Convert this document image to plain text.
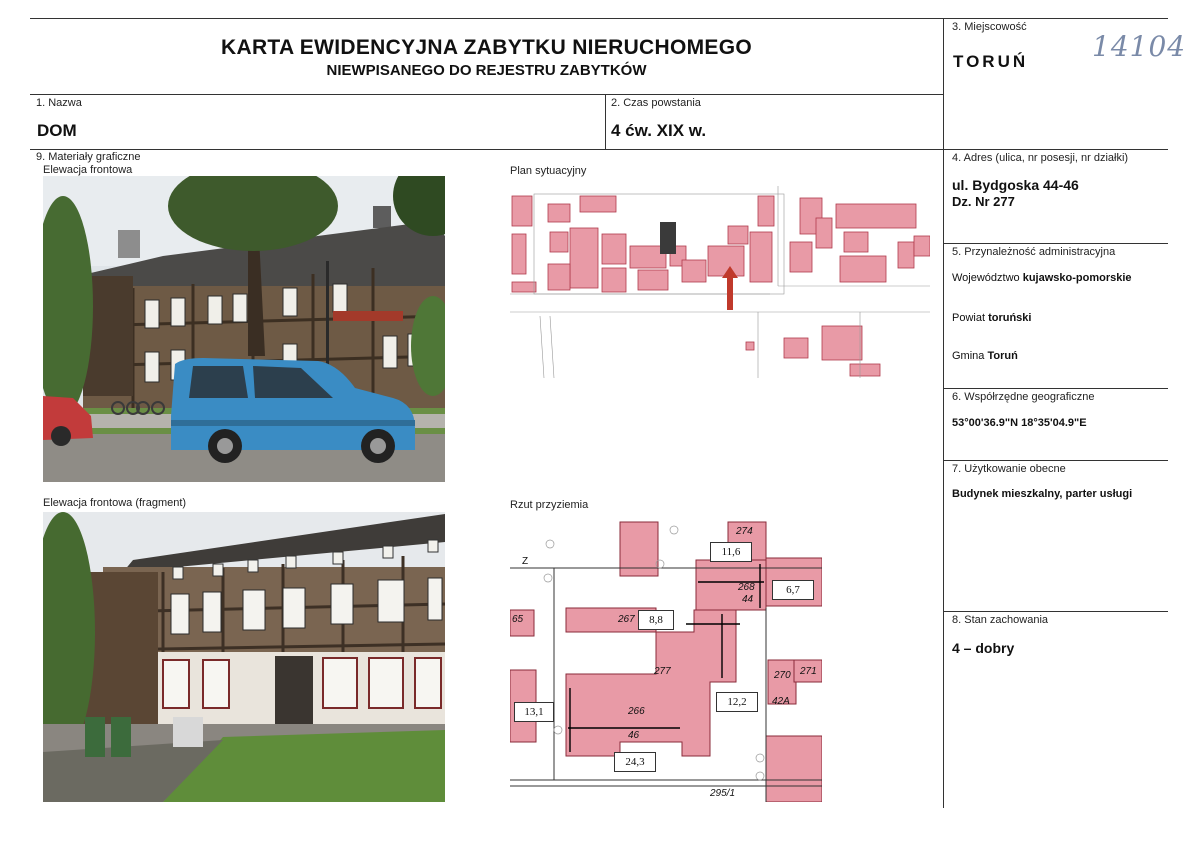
KARTA EWIDENCYJNA ZABYTKU NIERUCHOMEGO
NIEWPISANEGO DO REJESTRU ZABYTKÓW
3. Miejscowość
TORUŃ 14104
1. Nazwa
DOM
2. Czas powstania
4 ćw. XIX w.
4. Adres (ulica, nr posesji, nr działki)
ul. Bydgoska 44-46
Dz. Nr 277
5. Przynależność administracyjna
Województwo kujawsko-pomorskie
Powiat toruński
Gmina Toruń
6. Współrzędne geograficzne
53°00'36.9"N 18°35'04.9"E
7. Użytkowanie obecne
Budynek mieszkalny, parter usługi
8. Stan zachowania
4 – dobry
9. Materiały graficzne
Elewacja frontowa	Plan sytuacyjny
Elewacja frontowa (fragment)	Rzut przyziemia
274
268
44
267
277
266
46
270 271
42A
65
295/1
Z
11,6
6,7
8,8
12,2
13,1
24,3
